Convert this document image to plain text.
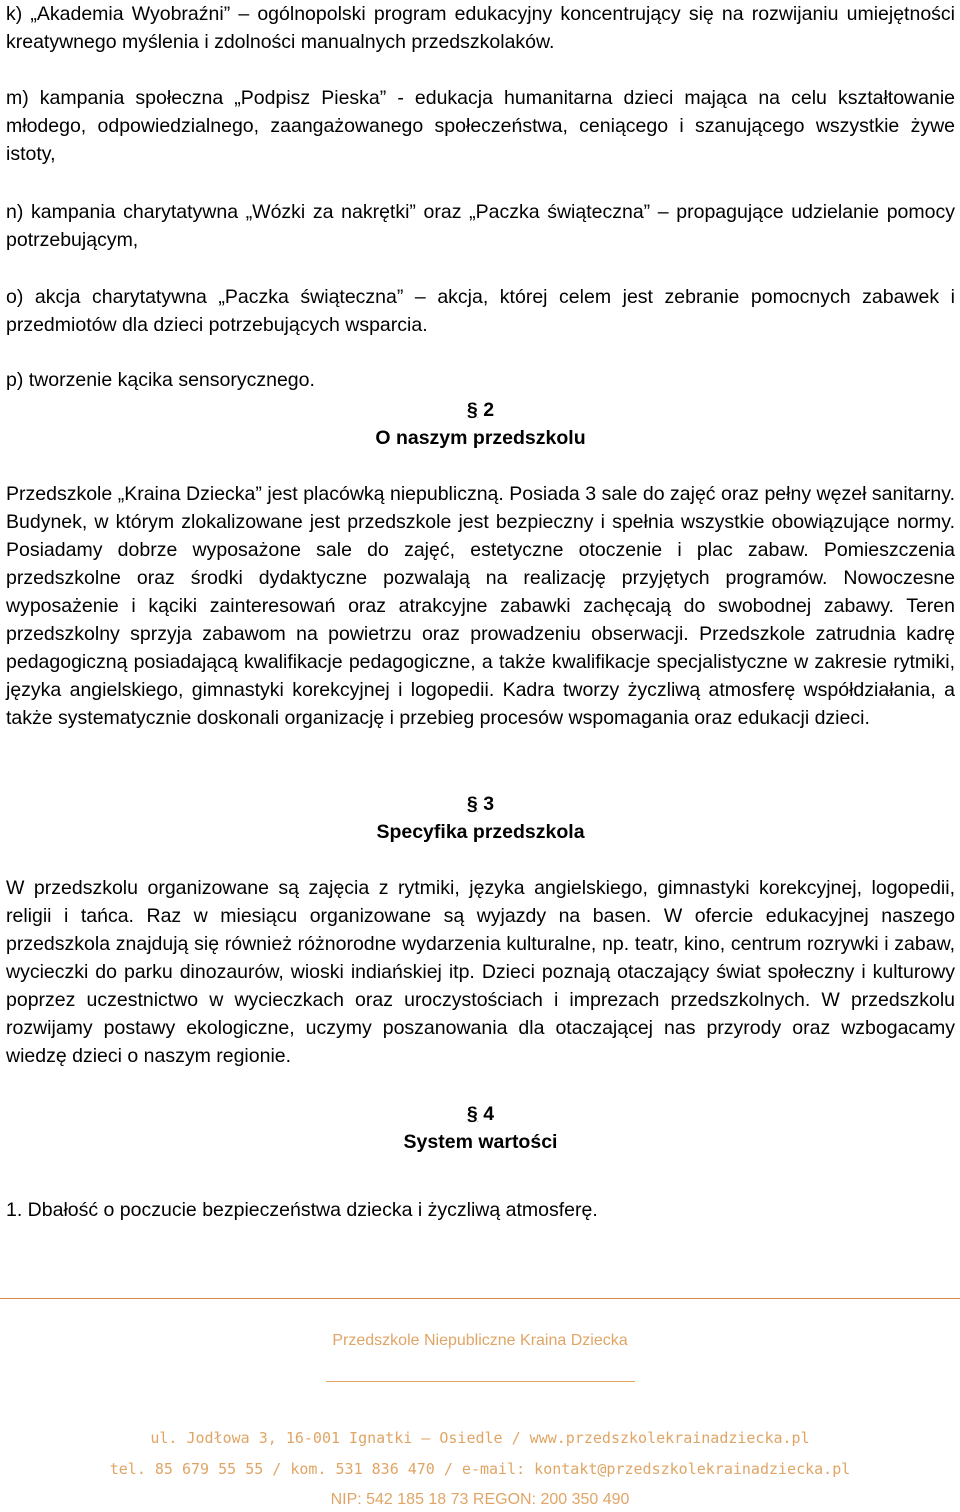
k) „Akademia Wyobraźni” – ogólnopolski program edukacyjny koncentrujący się na rozwijaniu umiejętności kreatywnego myślenia i zdolności manualnych przedszkolaków.
m) kampania społeczna „Podpisz Pieska” - edukacja humanitarna dzieci mająca na celu kształtowanie młodego, odpowiedzialnego, zaangażowanego społeczeństwa, ceniącego i szanującego wszystkie żywe istoty,
n) kampania charytatywna „Wózki za nakrętki” oraz „Paczka świąteczna” – propagujące udzielanie pomocy potrzebującym,
o) akcja charytatywna „Paczka świąteczna” – akcja, której celem jest zebranie pomocnych zabawek i przedmiotów dla dzieci potrzebujących wsparcia.
p) tworzenie kącika sensorycznego.
§ 2
O naszym przedszkolu
Przedszkole „Kraina Dziecka” jest placówką niepubliczną. Posiada 3 sale do zajęć oraz pełny węzeł sanitarny. Budynek, w którym zlokalizowane jest przedszkole jest bezpieczny i spełnia wszystkie obowiązujące normy. Posiadamy dobrze wyposażone sale do zajęć, estetyczne otoczenie i plac zabaw. Pomieszczenia przedszkolne oraz środki dydaktyczne pozwalają na realizację przyjętych programów. Nowoczesne wyposażenie i kąciki zainteresowań oraz atrakcyjne zabawki zachęcają do swobodnej zabawy. Teren przedszkolny sprzyja zabawom na powietrzu oraz prowadzeniu obserwacji. Przedszkole zatrudnia kadrę pedagogiczną posiadającą kwalifikacje pedagogiczne, a także kwalifikacje specjalistyczne w zakresie rytmiki, języka angielskiego, gimnastyki korekcyjnej i logopedii. Kadra tworzy życzliwą atmosferę współdziałania, a także systematycznie doskonali organizację i przebieg procesów wspomagania oraz edukacji dzieci.
§ 3
Specyfika przedszkola
W przedszkolu organizowane są zajęcia z rytmiki, języka angielskiego, gimnastyki korekcyjnej, logopedii, religii i tańca. Raz w miesiącu organizowane są wyjazdy na basen. W ofercie edukacyjnej naszego przedszkola znajdują się również różnorodne wydarzenia kulturalne, np. teatr, kino, centrum rozrywki i zabaw, wycieczki do parku dinozaurów, wioski indiańskiej itp. Dzieci poznają otaczający świat społeczny i kulturowy poprzez uczestnictwo w wycieczkach oraz uroczystościach i imprezach przedszkolnych. W przedszkolu rozwijamy postawy ekologiczne, uczymy poszanowania dla otaczającej nas przyrody oraz wzbogacamy wiedzę dzieci o naszym regionie.
§ 4
System wartości
1. Dbałość o poczucie bezpieczeństwa dziecka i życzliwą atmosferę.
Przedszkole Niepubliczne Kraina Dziecka
ul. Jodłowa 3, 16-001 Ignatki – Osiedle / www.przedszkolekrainadziecka.pl
tel. 85 679 55 55 / kom. 531 836 470 / e-mail: kontakt@przedszkolekrainadziecka.pl
NIP: 542 185 18 73 REGON: 200 350 490
